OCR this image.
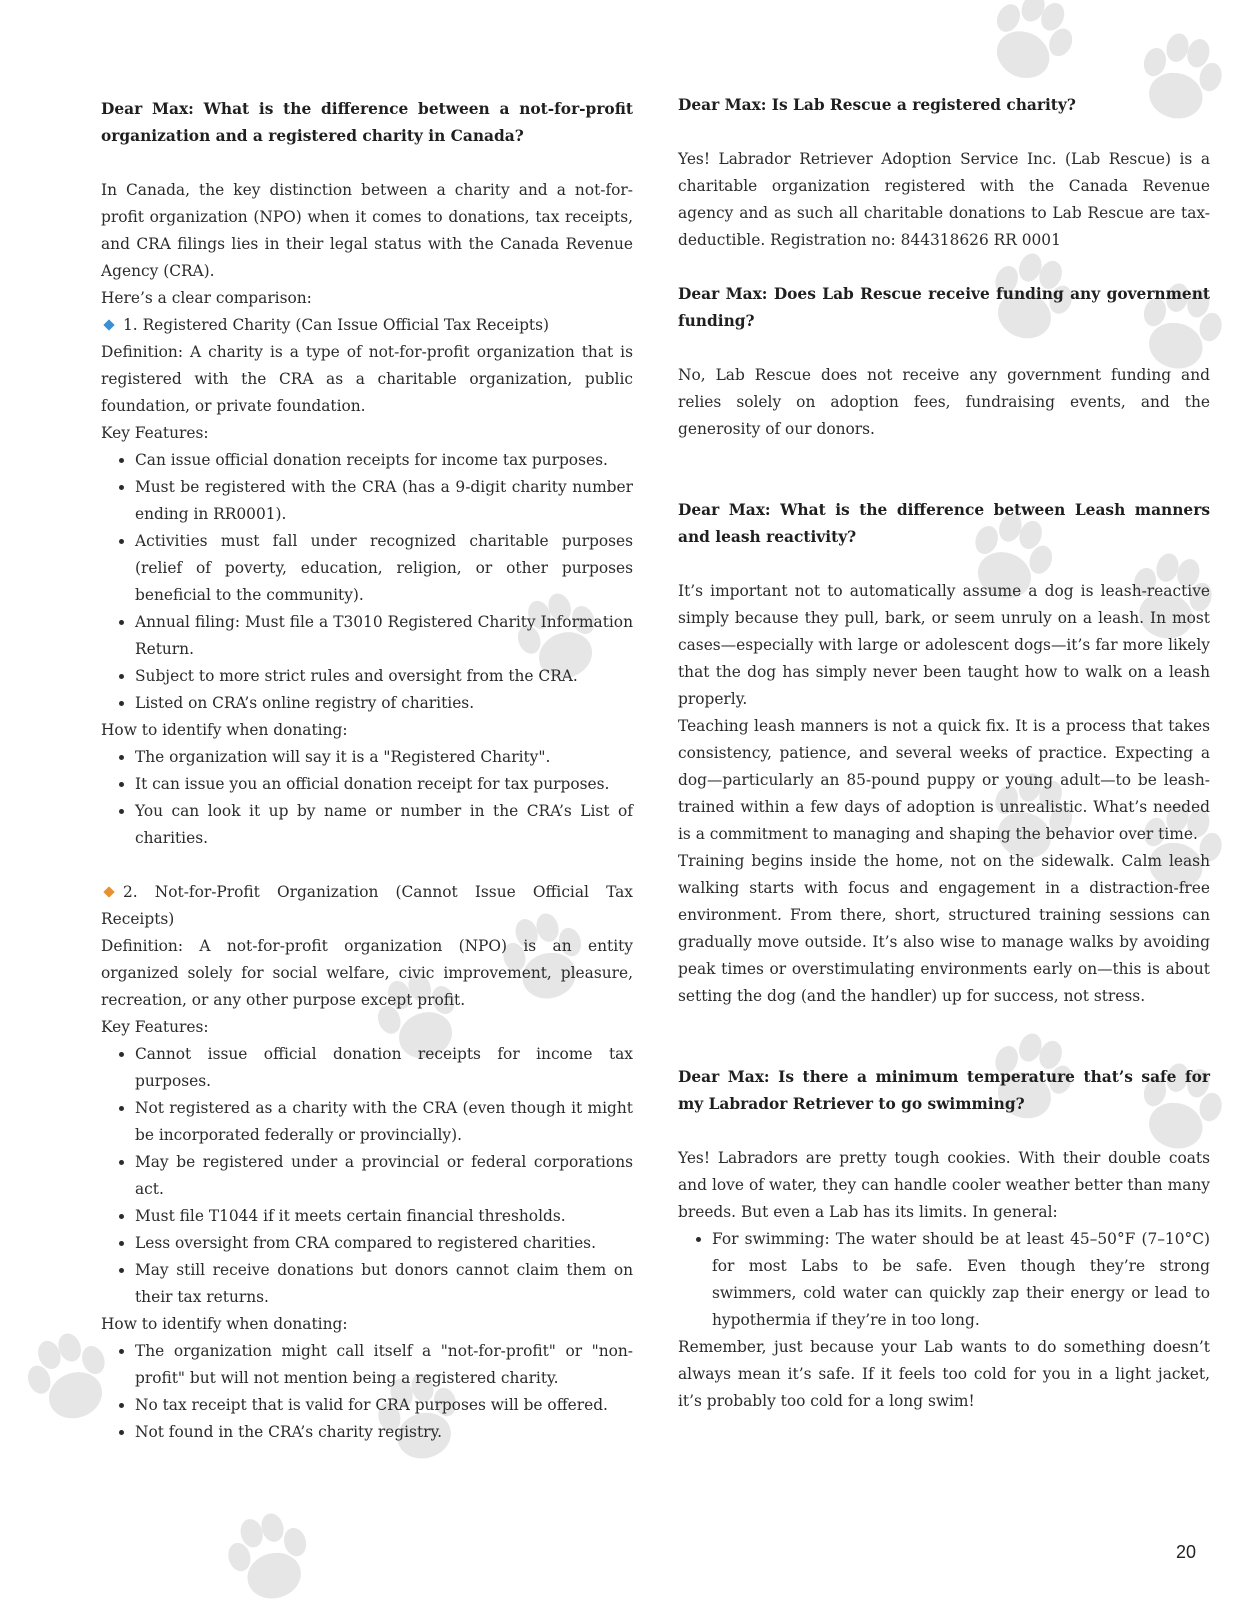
Dear Max: What is the difference between a not-for-profit organization and a registered charity in Canada?

In Canada, the key distinction between a charity and a not-for-profit organization (NPO) when it comes to donations, tax receipts, and CRA filings lies in their legal status with the Canada Revenue Agency (CRA).

Here’s a clear comparison:

1. Registered Charity (Can Issue Official Tax Receipts)

Definition: A charity is a type of not-for-profit organization that is registered with the CRA as a charitable organization, public foundation, or private foundation.

Key Features:

• Can issue official donation receipts for income tax purposes.
• Must be registered with the CRA (has a 9-digit charity number ending in RR0001).
• Activities must fall under recognized charitable purposes (relief of poverty, education, religion, or other purposes beneficial to the community).
• Annual filing: Must file a T3010 Registered Charity Information Return.
• Subject to more strict rules and oversight from the CRA.
• Listed on CRA’s online registry of charities.

How to identify when donating:

• The organization will say it is a "Registered Charity".
• It can issue you an official donation receipt for tax purposes.
• You can look it up by name or number in the CRA’s List of charities.

2. Not-for-Profit Organization (Cannot Issue Official Tax Receipts)

Definition: A not-for-profit organization (NPO) is an entity organized solely for social welfare, civic improvement, pleasure, recreation, or any other purpose except profit.

Key Features:

• Cannot issue official donation receipts for income tax purposes.
• Not registered as a charity with the CRA (even though it might be incorporated federally or provincially).
• May be registered under a provincial or federal corporations act.
• Must file T1044 if it meets certain financial thresholds.
• Less oversight from CRA compared to registered charities.
• May still receive donations but donors cannot claim them on their tax returns.

How to identify when donating:

• The organization might call itself a "not-for-profit" or "non-profit" but will not mention being a registered charity.
• No tax receipt that is valid for CRA purposes will be offered.
• Not found in the CRA’s charity registry.

Dear Max: Is Lab Rescue a registered charity?

Yes! Labrador Retriever Adoption Service Inc. (Lab Rescue) is a charitable organization registered with the Canada Revenue agency and as such all charitable donations to Lab Rescue are tax-deductible. Registration no: 844318626 RR 0001

Dear Max: Does Lab Rescue receive funding any government funding?

No, Lab Rescue does not receive any government funding and relies solely on adoption fees, fundraising events, and the generosity of our donors.

Dear Max: What is the difference between Leash manners and leash reactivity?

It’s important not to automatically assume a dog is leash-reactive simply because they pull, bark, or seem unruly on a leash. In most cases—especially with large or adolescent dogs—it’s far more likely that the dog has simply never been taught how to walk on a leash properly.

Teaching leash manners is not a quick fix. It is a process that takes consistency, patience, and several weeks of practice. Expecting a dog—particularly an 85-pound puppy or young adult—to be leash-trained within a few days of adoption is unrealistic. What’s needed is a commitment to managing and shaping the behavior over time.

Training begins inside the home, not on the sidewalk. Calm leash walking starts with focus and engagement in a distraction-free environment. From there, short, structured training sessions can gradually move outside. It’s also wise to manage walks by avoiding peak times or overstimulating environments early on—this is about setting the dog (and the handler) up for success, not stress.

Dear Max: Is there a minimum temperature that’s safe for my Labrador Retriever to go swimming?

Yes! Labradors are pretty tough cookies. With their double coats and love of water, they can handle cooler weather better than many breeds. But even a Lab has its limits. In general:

• For swimming: The water should be at least 45–50°F (7–10°C) for most Labs to be safe. Even though they’re strong swimmers, cold water can quickly zap their energy or lead to hypothermia if they’re in too long.

Remember, just because your Lab wants to do something doesn’t always mean it’s safe. If it feels too cold for you in a light jacket, it’s probably too cold for a long swim!

20
